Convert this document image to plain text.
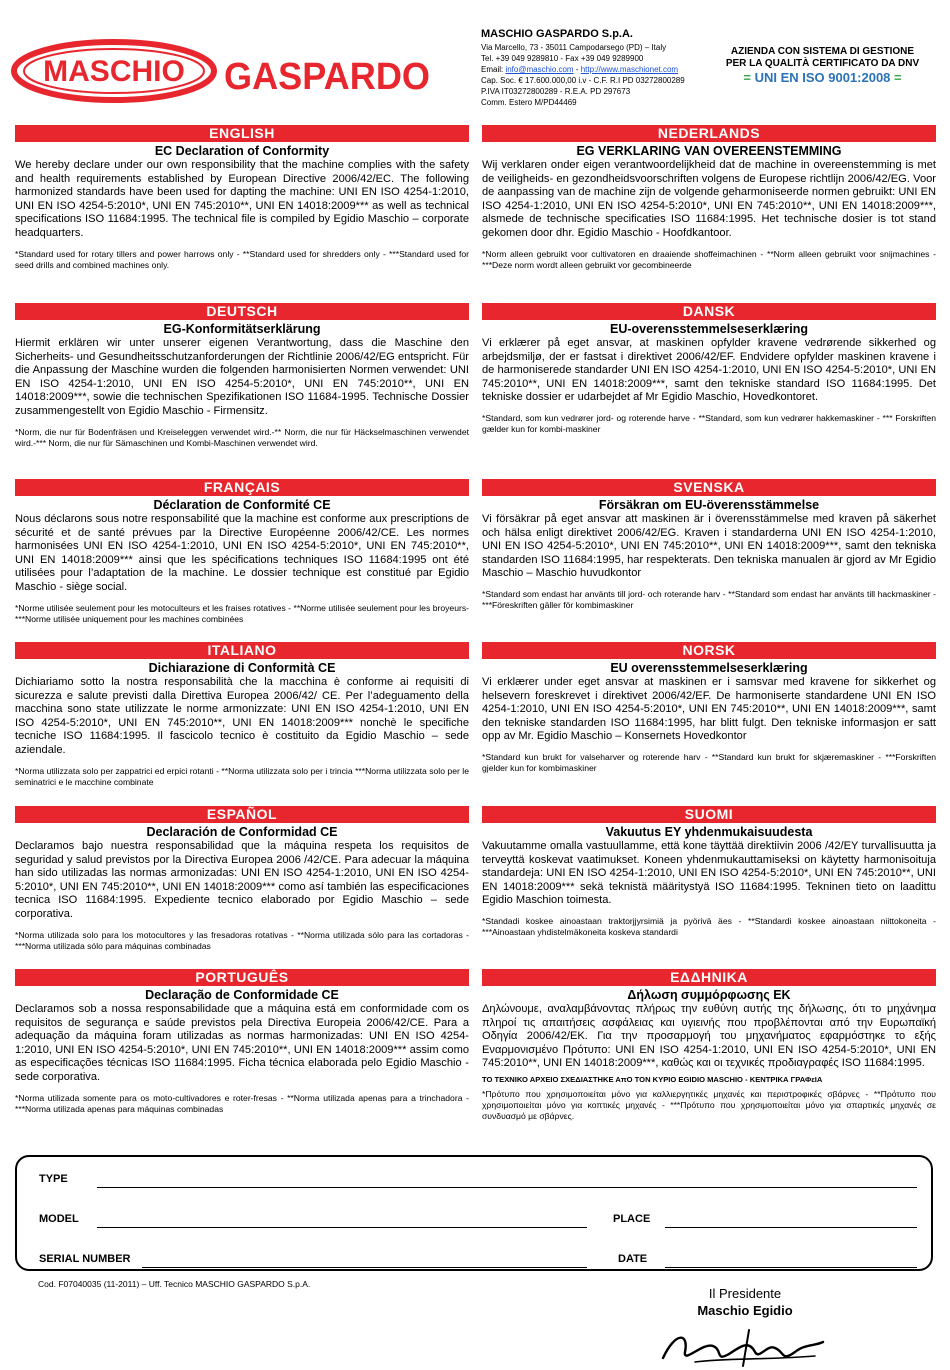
MASCHIO GASPARDO
MASCHIO GASPARDO S.p.A.
Via Marcello, 73 - 35011 Campodarsego (PD) – Italy
Tel. +39 049 9289810 - Fax +39 049 9289900
Email: info@maschio.com - http://www.maschionet.com
Cap. Soc. € 17.600.000,00 i.v - C.F. R.I PD 03272800289
P.IVA IT03272800289 - R.E.A. PD 297673
Comm. Estero M/PD44469
AZIENDA CON SISTEMA DI GESTIONE
PER LA QUALITÀ CERTIFICATO DA DNV
= UNI EN ISO 9001:2008 =
ENGLISH
EC Declaration of Conformity
We hereby declare under our own responsibility that the machine complies with the safety and health requirements established by European Directive 2006/42/EC. The following harmonized standards have been used for dapting the machine: UNI EN ISO 4254-1:2010, UNI EN ISO 4254-5:2010*, UNI EN 745:2010**, UNI EN 14018:2009*** as well as technical specifications ISO 11684:1995. The technical file is compiled by Egidio Maschio – corporate headquarters.
*Standard used for rotary tillers and power harrows only - **Standard used for shredders only - ***Standard used for seed drills and combined machines only.
DEUTSCH
EG-Konformitätserklärung
Hiermit erklären wir unter unserer eigenen Verantwortung, dass die Maschine den Sicherheits- und Gesundheitsschutzanforderungen der Richtlinie 2006/42/EG entspricht. Für die Anpassung der Maschine wurden die folgenden harmonisierten Normen verwendet: UNI EN ISO 4254-1:2010, UNI EN ISO 4254-5:2010*, UNI EN 745:2010**, UNI EN 14018:2009***, sowie die technischen Spezifikationen ISO 11684-1995. Technische Dossier zusammengestellt von Egidio Maschio - Firmensitz.
*Norm, die nur für Bodenfräsen und Kreiseleggen verwendet wird.-** Norm, die nur für Häckselmaschinen verwendet wird.-*** Norm, die nur für Sämaschinen und Kombi-Maschinen verwendet wird.
FRANÇAIS
Déclaration de Conformité CE
Nous déclarons sous notre responsabilité que la machine est conforme aux prescriptions de sécurité et de santé prévues par la Directive Européenne 2006/42/CE. Les normes harmonisées UNI EN ISO 4254-1:2010, UNI EN ISO 4254-5:2010*, UNI EN 745:2010**, UNI EN 14018:2009*** ainsi que les spécifications techniques ISO 11684:1995 ont été utilisées pour l’adaptation de la machine. Le dossier technique est constitué par Egidio Maschio - siège social.
*Norme utilisée seulement pour les motoculteurs et les fraises rotatives - **Norme utilisée seulement pour les broyeurs- ***Norme utilisée uniquement pour les machines combinées
ITALIANO
Dichiarazione di Conformità CE
Dichiariamo sotto la nostra responsabilità che la macchina è conforme ai requisiti di sicurezza e salute previsti dalla Direttiva Europea 2006/42/ CE. Per l’adeguamento della macchina sono state utilizzate le norme armonizzate: UNI EN ISO 4254-1:2010, UNI EN ISO 4254-5:2010*, UNI EN 745:2010**, UNI EN 14018:2009*** nonchè le specifiche tecniche ISO 11684:1995. Il fascicolo tecnico è costituito da Egidio Maschio – sede aziendale.
*Norma utilizzata solo per zappatrici ed erpici rotanti - **Norma utilizzata solo per i trincia ***Norma utilizzata solo per le seminatrici e le macchine combinate
ESPAÑOL
Declaración de Conformidad CE
Declaramos bajo nuestra responsabilidad que la máquina respeta los requisitos de seguridad y salud previstos por la Directiva Europea 2006 /42/CE. Para adecuar la máquina han sido utilizadas las normas armonizadas: UNI EN ISO 4254-1:2010, UNI EN ISO 4254-5:2010*, UNI EN 745:2010**, UNI EN 14018:2009*** como así también las especificaciones tecnica ISO 11684:1995. Expediente tecnico elaborado por Egidio Maschio – sede corporativa.
*Norma utilizada solo para los motocultores y las fresadoras rotativas - **Norma utilizada sólo para las cortadoras - ***Norma utilizada sólo para máquinas combinadas
PORTUGUÊS
Declaração de Conformidade CE
Declaramos sob a nossa responsabilidade que a máquina está em conformidade com os requisitos de segurança e saúde previstos pela Directiva Europeia 2006/42/CE. Para a adequação da máquina foram utilizadas as normas harmonizadas: UNI EN ISO 4254-1:2010, UNI EN ISO 4254-5:2010*, UNI EN 745:2010**, UNI EN 14018:2009*** assim como as especificações técnicas ISO 11684:1995. Ficha técnica elaborada pelo Egidio Maschio - sede corporativa.
*Norma utilizada somente para os moto-cultivadores e roter-fresas - **Norma utilizada apenas para a trinchadora - ***Norma utilizada apenas para máquinas combinadas
NEDERLANDS
EG VERKLARING VAN OVEREENSTEMMING
Wij verklaren onder eigen verantwoordelijkheid dat de machine in overeenstemming is met de veiligheids- en gezondheidsvoorschriften volgens de Europese richtlijn 2006/42/EG. Voor de aanpassing van de machine zijn de volgende geharmoniseerde normen gebruikt: UNI EN ISO 4254-1:2010, UNI EN ISO 4254-5:2010*, UNI EN 745:2010**, UNI EN 14018:2009***, alsmede de technische specificaties ISO 11684:1995. Het technische dosier is tot stand gekomen door dhr. Egidio Maschio - Hoofdkantoor.
*Norm alleen gebruikt voor cultivatoren en draaiende shoffeimachinen - **Norm alleen gebruikt voor snijmachines - ***Deze norm wordt alleen gebruikt vor gecombineerde
DANSK
EU-overensstemmelseserklæring
Vi erklærer på eget ansvar, at maskinen opfylder kravene vedrørende sikkerhed og arbejdsmiljø, der er fastsat i direktivet 2006/42/EF. Endvidere opfylder maskinen kravene i de harmoniserede standarder UNI EN ISO 4254-1:2010, UNI EN ISO 4254-5:2010*, UNI EN 745:2010**, UNI EN 14018:2009***, samt den tekniske standard ISO 11684:1995. Det tekniske dossier er udarbejdet af Mr Egidio Maschio, Hovedkontoret.
*Standard, som kun vedrører jord- og roterende harve - **Standard, som kun vedrører hakkemaskiner - *** Forskriften gælder kun for kombi-maskiner
SVENSKA
Försäkran om EU-överensstämmelse
Vi försäkrar på eget ansvar att maskinen är i överensstämmelse med kraven på säkerhet och hälsa enligt direktivet 2006/42/EG. Kraven i standarderna UNI EN ISO 4254-1:2010, UNI EN ISO 4254-5:2010*, UNI EN 745:2010**, UNI EN 14018:2009***, samt den tekniska standarden ISO 11684:1995, har respekterats. Den tekniska manualen är gjord av Mr Egidio Maschio – Maschio huvudkontor
*Standard som endast har använts till jord- och roterande harv - **Standard som endast har använts till hackmaskiner - ***Föreskriften gäller för kombimaskiner
NORSK
EU overensstemmelseserklæring
Vi erklærer under eget ansvar at maskinen er i samsvar med kravene for sikkerhet og helsevern foreskrevet i direktivet 2006/42/EF. De harmoniserte standardene UNI EN ISO 4254-1:2010, UNI EN ISO 4254-5:2010*, UNI EN 745:2010**, UNI EN 14018:2009***, samt den tekniske standarden ISO 11684:1995, har blitt fulgt. Den tekniske informasjon er satt opp av Mr. Egidio Maschio – Konsernets Hovedkontor
*Standard kun brukt for valseharver og roterende harv - **Standard kun brukt for skjæremaskiner - ***Forskriften gjelder kun for kombimaskiner
SUOMI
Vakuutus EY yhdenmukaisuudesta
Vakuutamme omalla vastuullamme, että kone täyttää direktiivin 2006 /42/EY turvallisuutta ja terveyttä koskevat vaatimukset. Koneen yhdenmukauttamiseksi on käytetty harmonisoituja standardeja: UNI EN ISO 4254-1:2010, UNI EN ISO 4254-5:2010*, UNI EN 745:2010**, UNI EN 14018:2009*** sekä teknistä määritystyä ISO 11684:1995. Tekninen tieto on laadittu Egidio Maschion toimesta.
*Standadi koskee ainoastaan traktorjjyrsimiä ja pyörivä äes - **Standardi koskee ainoastaan niittokoneita - ***Ainoastaan yhdistelmäkoneita koskeva standardi
ΕΔΔΗΝΙΚΑ
Δήλωση συμμόρφωσης ΕΚ
Δηλώνουμε, αναλαμβάνοντας πλήρως την ευθύνη αυτής της δήλωσης, ότι το μηχάνημα πληροί τις απαιτήσεις ασφάλειας και υγιεινής που προβλέπονται από την Ευρωπαϊκή Οδηγία 2006/42/ΕΚ. Για την προσαρμογή του μηχανήματος εφαρμόστηκε το εξής Εναρμονισμένο Πρότυπο: UNI EN ISO 4254-1:2010, UNI EN ISO 4254-5:2010*, UNI EN 745:2010**, UNI EN 14018:2009***, καθώς και οι τεχνικές προδιαγραφές ISO 11684:1995.
ΤΟ ΤΕΧΝΙΚΟ ΑΡΧΕΙΟ ΣΧΕΔΙΑΣΤΗΚΕ ΑπΟ ΤΟΝ ΚΥΡΙΟ EGIDIO MASCHIO - ΚΕΝΤΡΙΚΑ ΓΡΑΦεΙΑ
*Πρότυπο που χρησιμοποιείται μόνο για καλλιεργητικές μηχανές και περιστροφικές σβάρνες - **Πρότυπο που χρησιμοποιείται μόνο για κοπτικές μηχανές - ***Πρότυπο που χρησιμοποιείται μόνο για σπαρτικές μηχανές σε συνδυασμό με σβάρνες.
TYPE
MODEL	PLACE
SERIAL NUMBER	DATE
Cod. F07040035 (11-2011) – Uff. Tecnico MASCHIO GASPARDO S.p.A.
Il Presidente
Maschio Egidio
